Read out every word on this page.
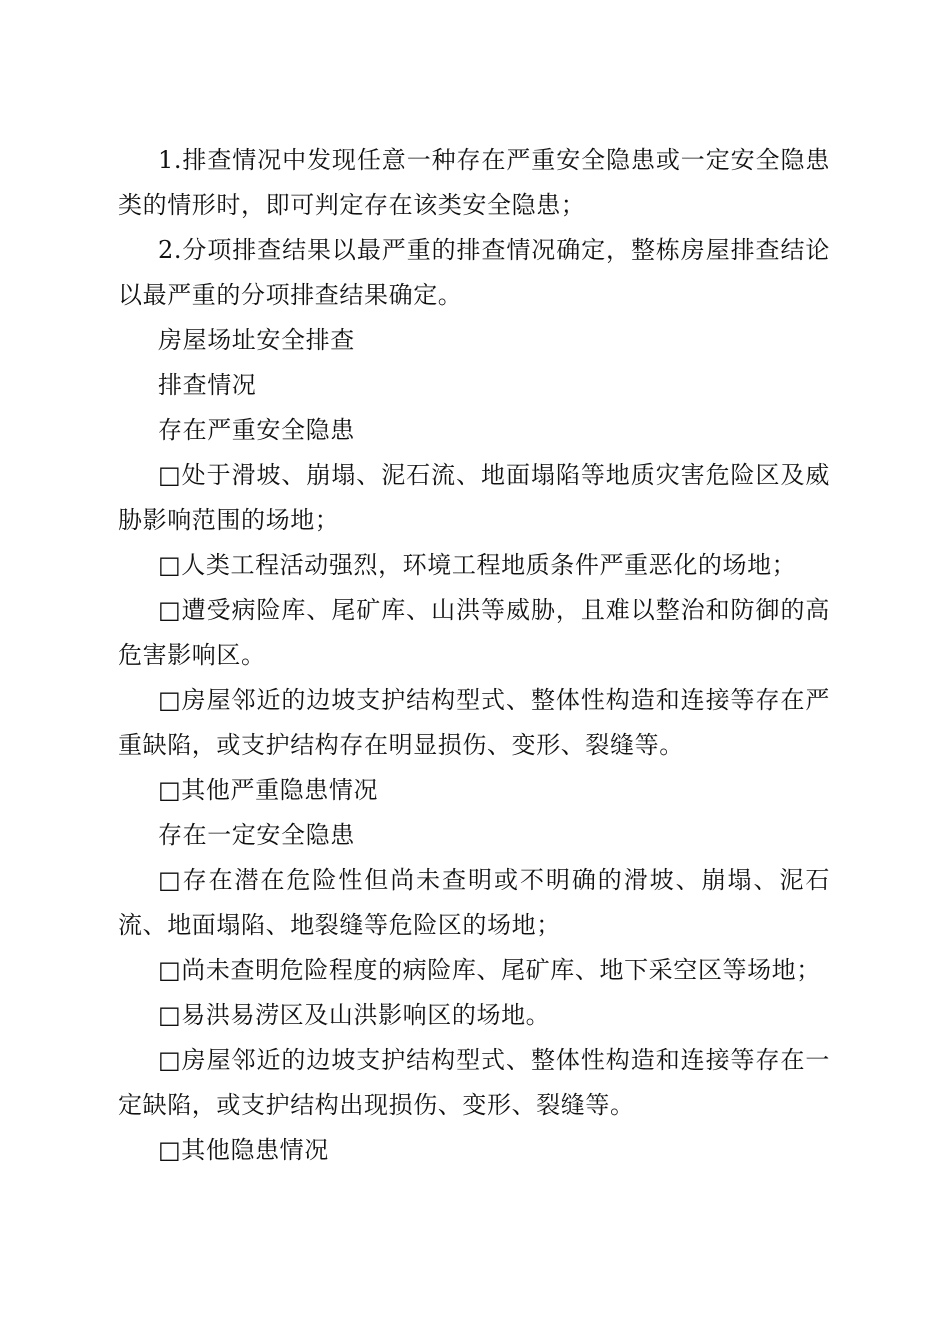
1.排查情况中发现任意一种存在严重安全隐患或一定安全隐患类的情形时，即可判定存在该类安全隐患；

2.分项排查结果以最严重的排查情况确定，整栋房屋排查结论以最严重的分项排查结果确定。

房屋场址安全排查

排查情况

存在严重安全隐患

□处于滑坡、崩塌、泥石流、地面塌陷等地质灾害危险区及威胁影响范围的场地；

□人类工程活动强烈，环境工程地质条件严重恶化的场地；

□遭受病险库、尾矿库、山洪等威胁，且难以整治和防御的高危害影响区。

□房屋邻近的边坡支护结构型式、整体性构造和连接等存在严重缺陷，或支护结构存在明显损伤、变形、裂缝等。

□其他严重隐患情况

存在一定安全隐患

□存在潜在危险性但尚未查明或不明确的滑坡、崩塌、泥石流、地面塌陷、地裂缝等危险区的场地；

□尚未查明危险程度的病险库、尾矿库、地下采空区等场地；

□易洪易涝区及山洪影响区的场地。

□房屋邻近的边坡支护结构型式、整体性构造和连接等存在一定缺陷，或支护结构出现损伤、变形、裂缝等。

□其他隐患情况
